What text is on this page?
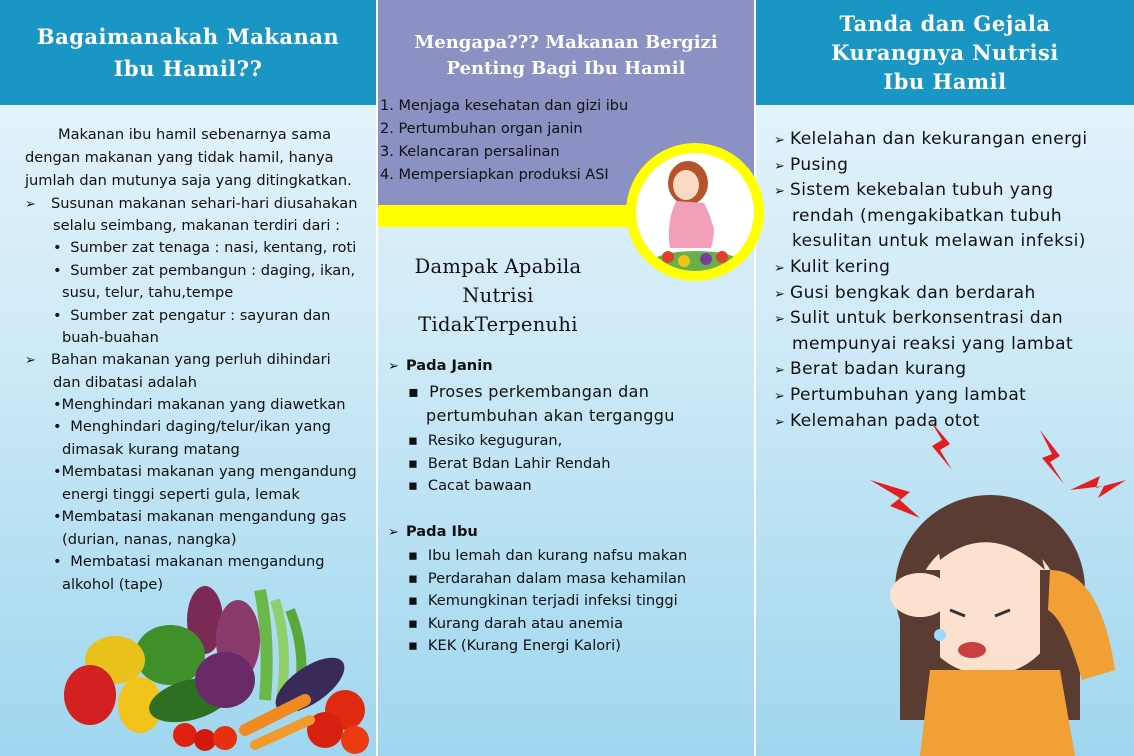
Bagaimanakah Makanan
Ibu Hamil??
Makanan ibu hamil sebenarnya sama
dengan makanan yang tidak hamil, hanya
jumlah dan mutunya saja yang ditingkatkan.
➢ Susunan makanan sehari-hari diusahakan
selalu seimbang, makanan terdiri dari :
• Sumber zat tenaga : nasi, kentang, roti
• Sumber zat pembangun : daging, ikan,
susu, telur, tahu,tempe
• Sumber zat pengatur : sayuran dan
buah-buahan
➢ Bahan makanan yang perluh dihindari
dan dibatasi adalah
•Menghindari makanan yang diawetkan
• Menghindari daging/telur/ikan yang
dimasak kurang matang
•Membatasi makanan yang mengandung
energi tinggi seperti gula, lemak
•Membatasi makanan mengandung gas
(durian, nanas, nangka)
• Membatasi makanan mengandung
alkohol (tape)
Mengapa??? Makanan Bergizi
Penting Bagi Ibu Hamil
1. Menjaga kesehatan dan gizi ibu
2. Pertumbuhan organ janin
3. Kelancaran persalinan
4. Mempersiapkan produksi ASI
Dampak Apabila
Nutrisi
TidakTerpenuhi
➢ Pada Janin
▪ Proses perkembangan dan
pertumbuhan akan terganggu
▪ Resiko keguguran,
▪ Berat Bdan Lahir Rendah
▪ Cacat bawaan
➢ Pada Ibu
▪ Ibu lemah dan kurang nafsu makan
▪ Perdarahan dalam masa kehamilan
▪ Kemungkinan terjadi infeksi tinggi
▪ Kurang darah atau anemia
▪ KEK (Kurang Energi Kalori)
Tanda dan Gejala
Kurangnya Nutrisi
Ibu Hamil
➢ Kelelahan dan kekurangan energi
➢ Pusing
➢ Sistem kekebalan tubuh yang
rendah (mengakibatkan tubuh
kesulitan untuk melawan infeksi)
➢ Kulit kering
➢ Gusi bengkak dan berdarah
➢ Sulit untuk berkonsentrasi dan
mempunyai reaksi yang lambat
➢ Berat badan kurang
➢ Pertumbuhan yang lambat
➢ Kelemahan pada otot
